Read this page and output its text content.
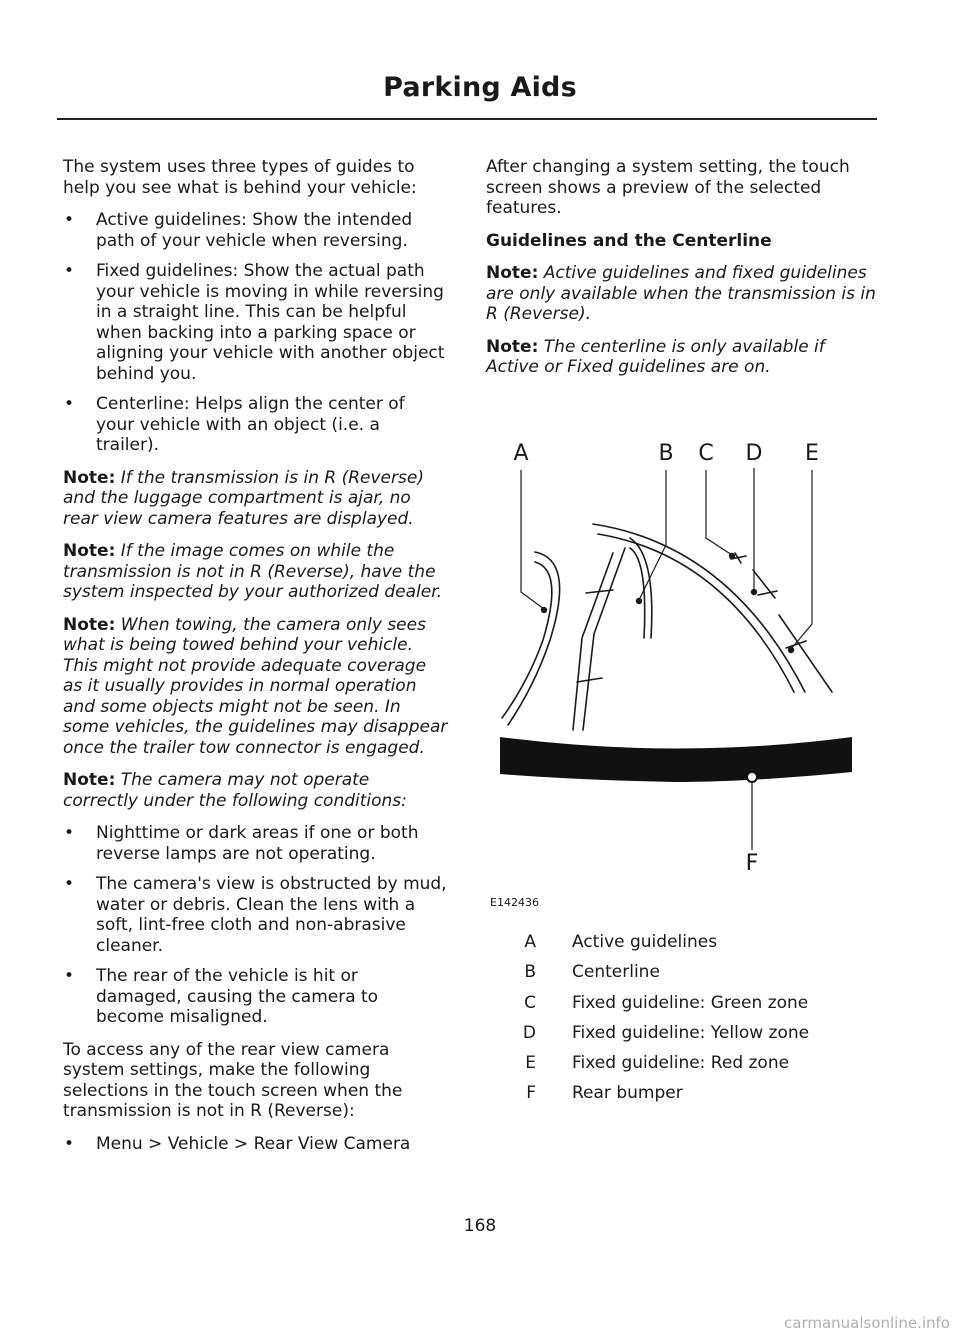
Parking Aids

The system uses three types of guides to help you see what is behind your vehicle:

• Active guidelines: Show the intended path of your vehicle when reversing.
• Fixed guidelines: Show the actual path your vehicle is moving in while reversing in a straight line. This can be helpful when backing into a parking space or aligning your vehicle with another object behind you.
• Centerline: Helps align the center of your vehicle with an object (i.e. a trailer).

Note: If the transmission is in R (Reverse) and the luggage compartment is ajar, no rear view camera features are displayed.

Note: If the image comes on while the transmission is not in R (Reverse), have the system inspected by your authorized dealer.

Note: When towing, the camera only sees what is being towed behind your vehicle. This might not provide adequate coverage as it usually provides in normal operation and some objects might not be seen. In some vehicles, the guidelines may disappear once the trailer tow connector is engaged.

Note: The camera may not operate correctly under the following conditions:

• Nighttime or dark areas if one or both reverse lamps are not operating.
• The camera's view is obstructed by mud, water or debris. Clean the lens with a soft, lint-free cloth and non-abrasive cleaner.
• The rear of the vehicle is hit or damaged, causing the camera to become misaligned.

To access any of the rear view camera system settings, make the following selections in the touch screen when the transmission is not in R (Reverse):

• Menu > Vehicle > Rear View Camera

After changing a system setting, the touch screen shows a preview of the selected features.

Guidelines and the Centerline

Note: Active guidelines and fixed guidelines are only available when the transmission is in R (Reverse).

Note: The centerline is only available if Active or Fixed guidelines are on.

A	B C D E
F
E142436
A	Active guidelines
B	Centerline
C	Fixed guideline: Green zone
D	Fixed guideline: Yellow zone
E	Fixed guideline: Red zone
F	Rear bumper
168
carmanualsonline.info
